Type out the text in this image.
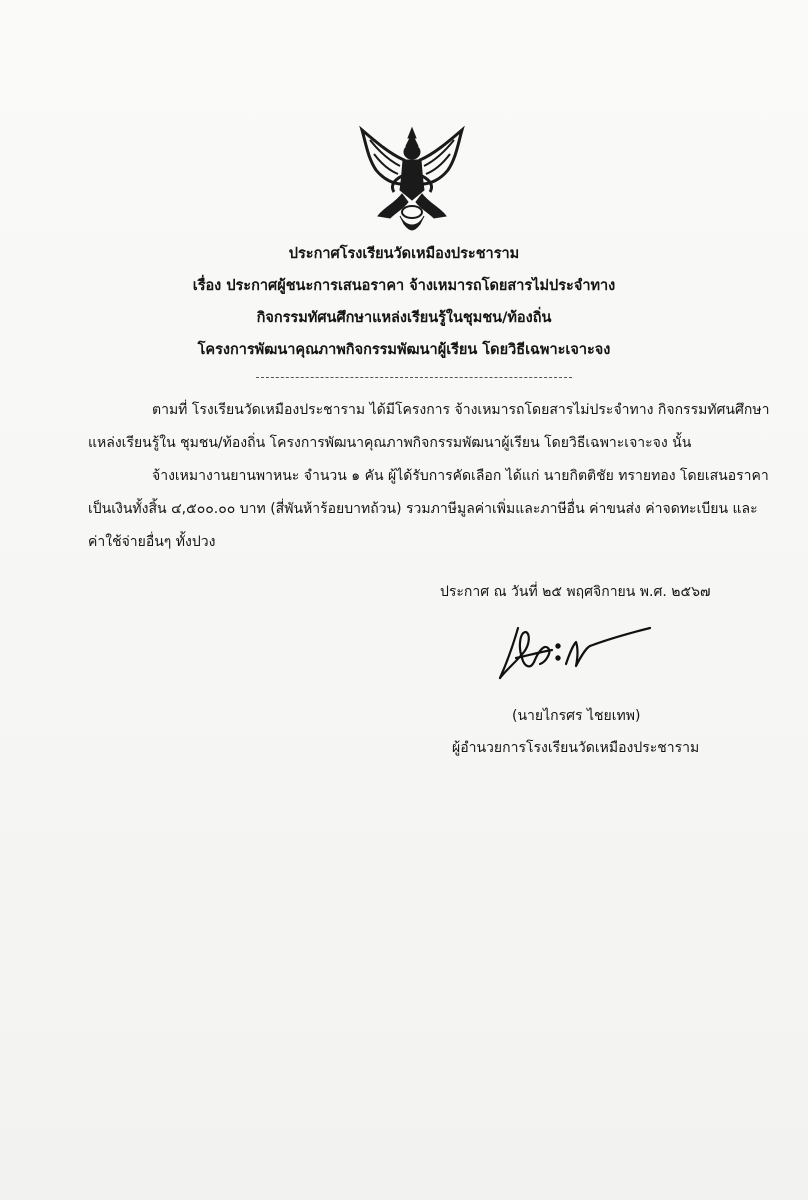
ประกาศโรงเรียนวัดเหมืองประชาราม
เรื่อง ประกาศผู้ชนะการเสนอราคา จ้างเหมารถโดยสารไม่ประจำทาง
กิจกรรมทัศนศึกษาแหล่งเรียนรู้ในชุมชน/ท้องถิ่น
โครงการพัฒนาคุณภาพกิจกรรมพัฒนาผู้เรียน โดยวิธีเฉพาะเจาะจง
ตามที่ โรงเรียนวัดเหมืองประชาราม ได้มีโครงการ จ้างเหมารถโดยสารไม่ประจำทาง กิจกรรมทัศนศึกษา
แหล่งเรียนรู้ใน ชุมชน/ท้องถิ่น โครงการพัฒนาคุณภาพกิจกรรมพัฒนาผู้เรียน โดยวิธีเฉพาะเจาะจง นั้น
จ้างเหมางานยานพาหนะ จำนวน ๑ คัน ผู้ได้รับการคัดเลือก ได้แก่ นายกิตติชัย ทรายทอง โดยเสนอราคา
เป็นเงินทั้งสิ้น ๔,๕๐๐.๐๐ บาท (สี่พันห้าร้อยบาทถ้วน) รวมภาษีมูลค่าเพิ่มและภาษีอื่น ค่าขนส่ง ค่าจดทะเบียน และ
ค่าใช้จ่ายอื่นๆ ทั้งปวง
ประกาศ ณ วันที่ ๒๕ พฤศจิกายน พ.ศ. ๒๕๖๗
(นายไกรศร ไชยเทพ)
ผู้อำนวยการโรงเรียนวัดเหมืองประชาราม
